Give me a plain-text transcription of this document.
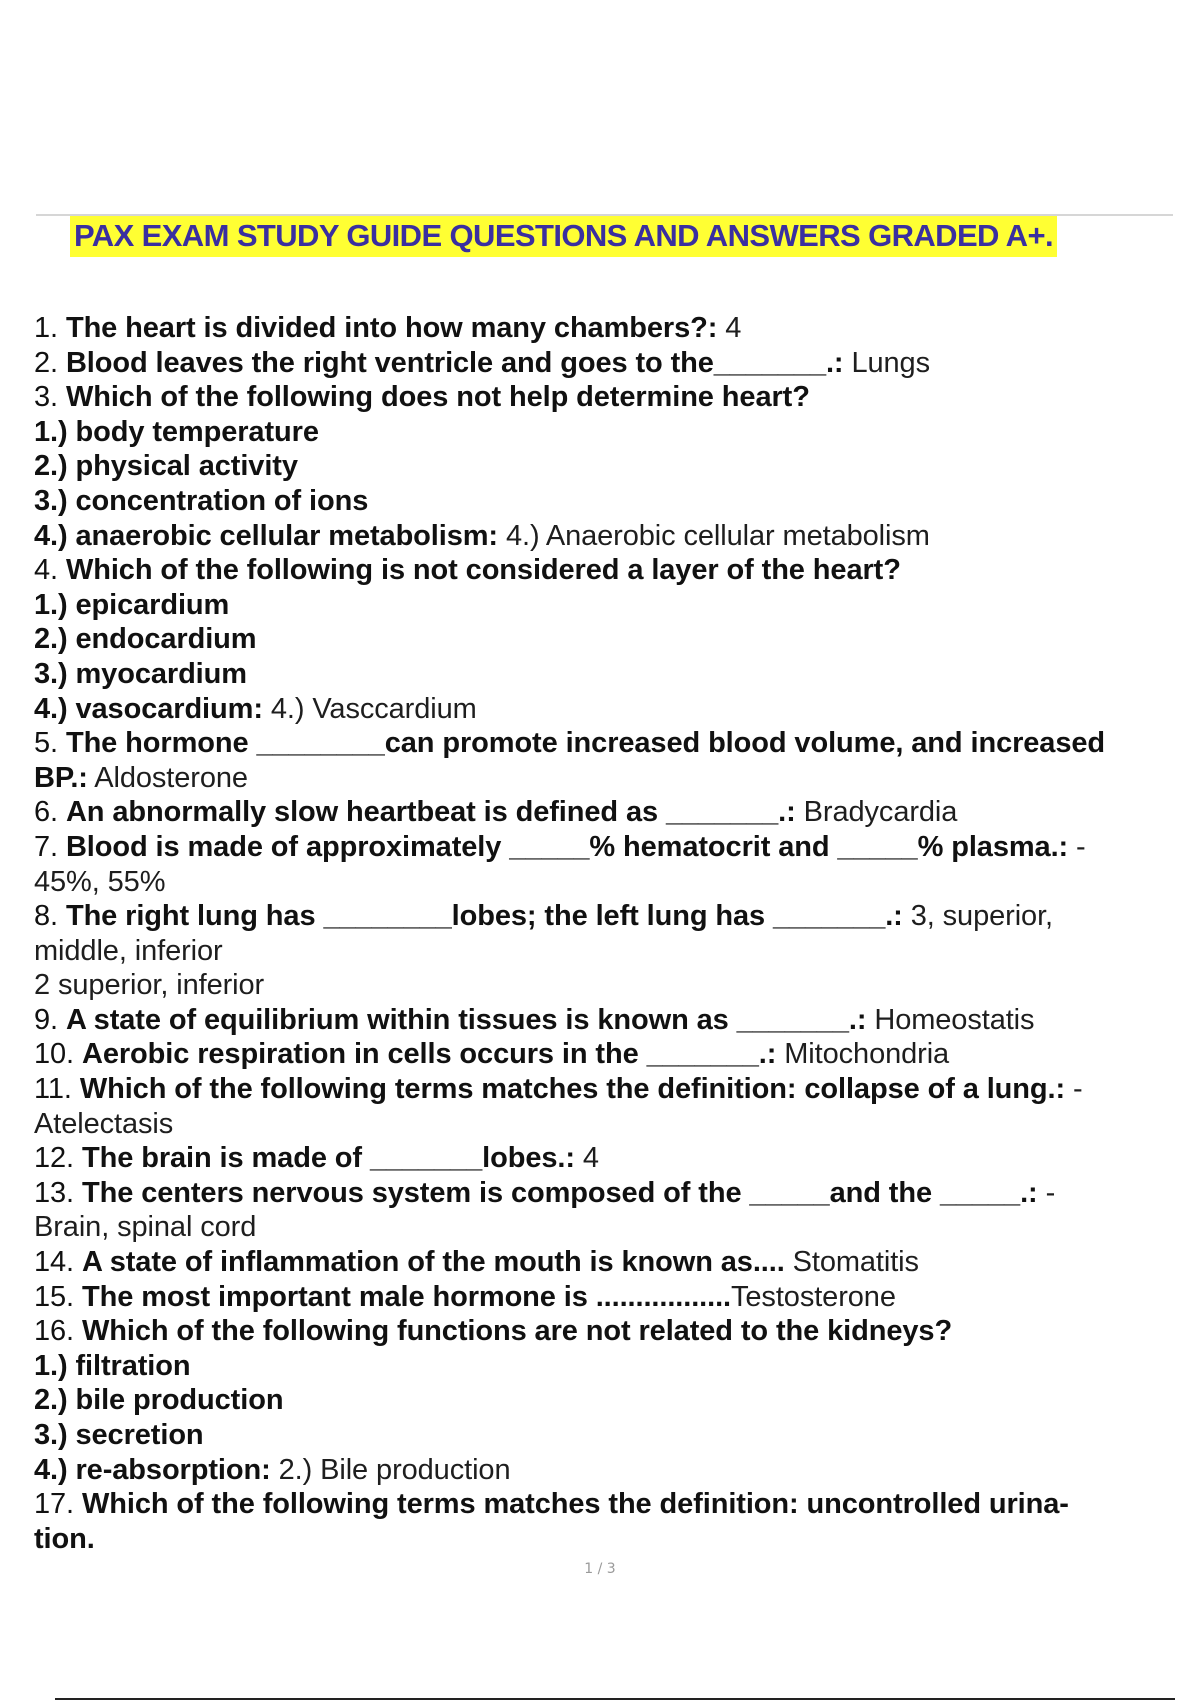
PAX EXAM STUDY GUIDE QUESTIONS AND ANSWERS GRADED A+.
1. The heart is divided into how many chambers?: 4
2. Blood leaves the right ventricle and goes to the_______.: Lungs
3. Which of the following does not help determine heart?
1.) body temperature
2.) physical activity
3.) concentration of ions
4.) anaerobic cellular metabolism: 4.) Anaerobic cellular metabolism
4. Which of the following is not considered a layer of the heart?
1.) epicardium
2.) endocardium
3.) myocardium
4.) vasocardium: 4.) Vasccardium
5. The hormone ________can promote increased blood volume, and increased
BP.: Aldosterone
6. An abnormally slow heartbeat is defined as _______.: Bradycardia
7. Blood is made of approximately _____% hematocrit and _____% plasma.: -
45%, 55%
8. The right lung has ________lobes; the left lung has _______.: 3, superior,
middle, inferior
2 superior, inferior
9. A state of equilibrium within tissues is known as _______.: Homeostatis
10. Aerobic respiration in cells occurs in the _______.: Mitochondria
11. Which of the following terms matches the definition: collapse of a lung.: -
Atelectasis
12. The brain is made of _______lobes.: 4
13. The centers nervous system is composed of the _____and the _____.: -
Brain, spinal cord
14. A state of inflammation of the mouth is known as.... Stomatitis
15. The most important male hormone is .................Testosterone
16. Which of the following functions are not related to the kidneys?
1.) filtration
2.) bile production
3.) secretion
4.) re-absorption: 2.) Bile production
17. Which of the following terms matches the definition: uncontrolled urina-
tion.
1 / 3
